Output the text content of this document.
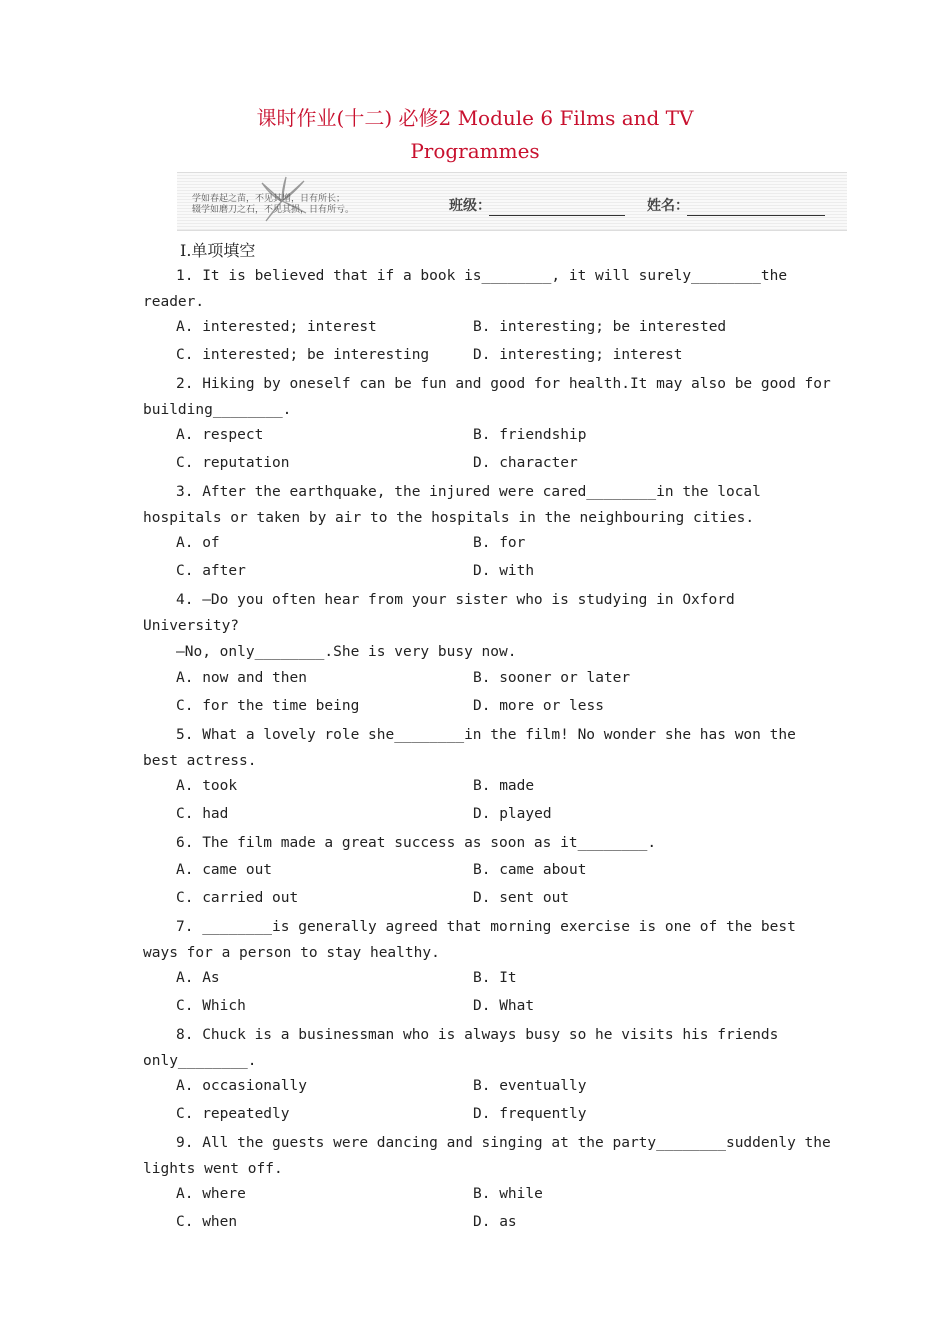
课时作业(十二) 必修2 Module 6 Films and TV
Programmes
学如春起之苗，不见其增，日有所长；
辍学如磨刀之石，不见其损，日有所亏。	班级：	姓名：
Ⅰ.单项填空
1. It is believed that if a book is________, it will surely________the
reader.
A. interested; interest	B. interesting; be interested
C. interested; be interesting	D. interesting; interest
2. Hiking by oneself can be fun and good for health.It may also be good for
building________.
A. respect	B. friendship
C. reputation	D. character
3. After the earthquake, the injured were cared________in the local
hospitals or taken by air to the hospitals in the neighbouring cities.
A. of	B. for
C. after	D. with
4. —Do you often hear from your sister who is studying in Oxford
University?
—No, only________.She is very busy now.
A. now and then	B. sooner or later
C. for the time being	D. more or less
5. What a lovely role she________in the film! No wonder she has won the
best actress.
A. took	B. made
C. had	D. played
6. The film made a great success as soon as it________.
A. came out	B. came about
C. carried out	D. sent out
7. ________is generally agreed that morning exercise is one of the best
ways for a person to stay healthy.
A. As	B. It
C. Which	D. What
8. Chuck is a businessman who is always busy so he visits his friends
only________.
A. occasionally	B. eventually
C. repeatedly	D. frequently
9. All the guests were dancing and singing at the party________suddenly the
lights went off.
A. where	B. while
C. when	D. as
